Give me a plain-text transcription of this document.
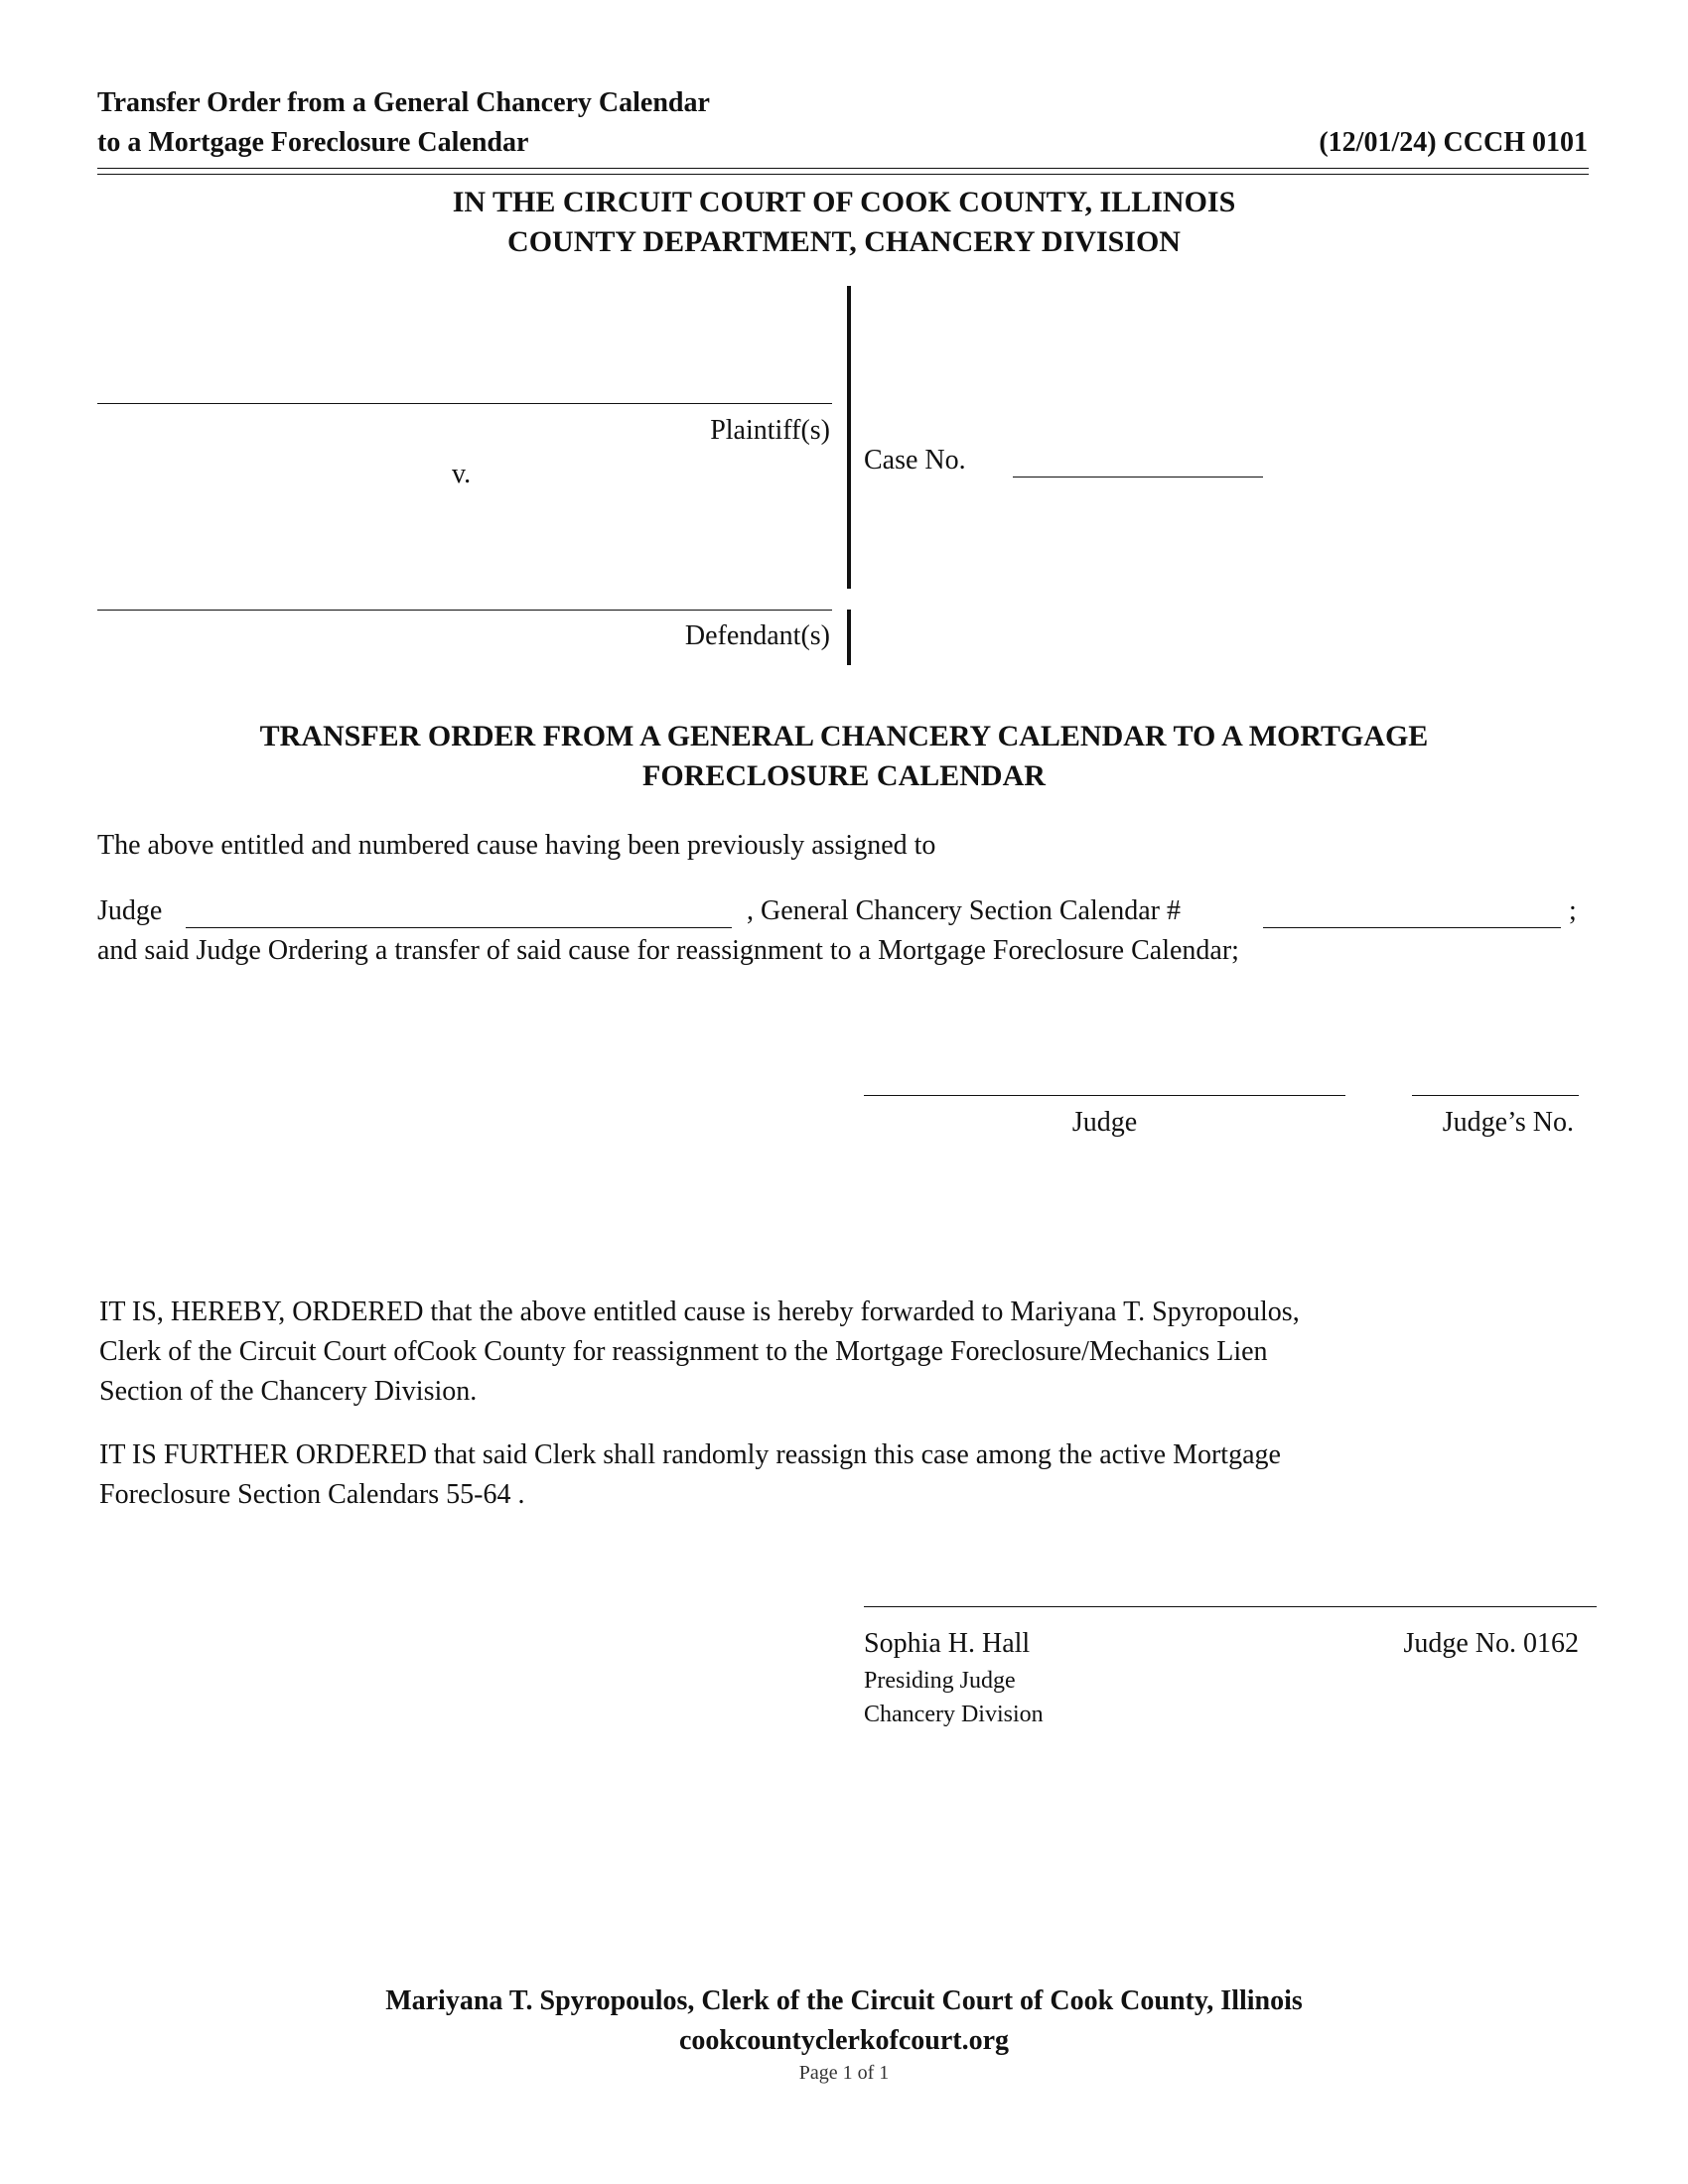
Transfer Order from a General Chancery Calendar
to a Mortgage Foreclosure Calendar	(12/01/24) CCCH 0101
IN THE CIRCUIT COURT OF COOK COUNTY, ILLINOIS
COUNTY DEPARTMENT, CHANCERY DIVISION
Plaintiff(s)
v.
Defendant(s)
Case No.
TRANSFER ORDER FROM A GENERAL CHANCERY CALENDAR TO A MORTGAGE
FORECLOSURE CALENDAR
The above entitled and numbered cause having been previously assigned to
Judge	, General Chancery Section Calendar #	;
and said Judge Ordering a transfer of said cause for reassignment to a Mortgage Foreclosure Calendar;
Judge	Judge’s No.
IT IS, HEREBY, ORDERED that the above entitled cause is hereby forwarded to Mariyana T. Spyropoulos,
Clerk of the Circuit Court ofCook County for reassignment to the Mortgage Foreclosure/Mechanics Lien
Section of the Chancery Division.
IT IS FURTHER ORDERED that said Clerk shall randomly reassign this case among the active Mortgage
Foreclosure Section Calendars 55-64 .
Sophia H. Hall	Judge No. 0162
Presiding Judge
Chancery Division
Mariyana T. Spyropoulos, Clerk of the Circuit Court of Cook County, Illinois
cookcountyclerkofcourt.org
Page 1 of 1
